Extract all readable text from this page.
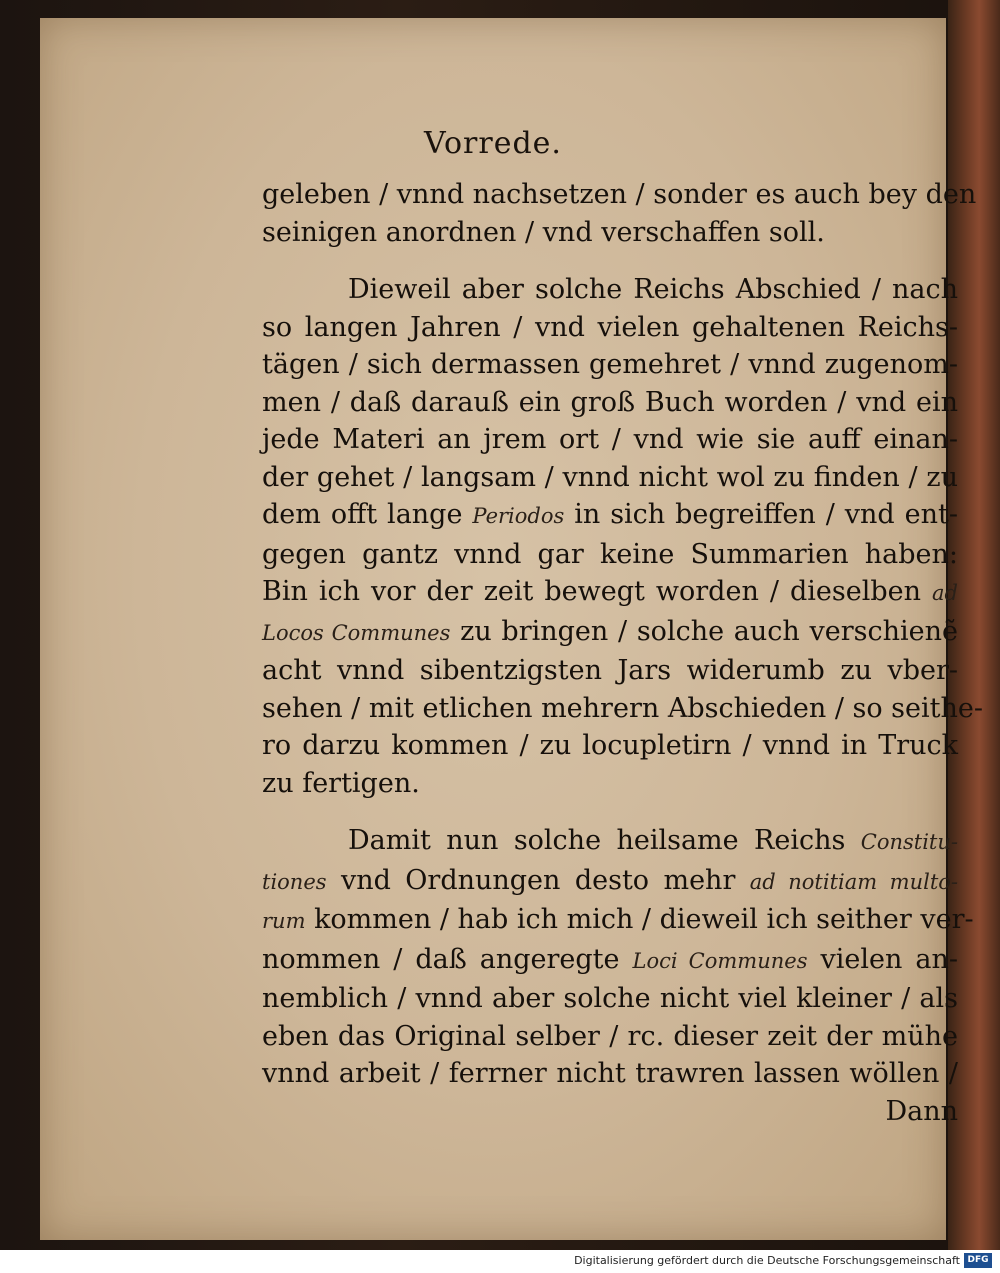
Vorrede.
geleben / vnnd nachsetzen / sonder es auch bey den
seinigen anordnen / vnd verschaffen soll.
Dieweil aber solche Reichs Abschied / nach
so langen Jahren / vnd vielen gehaltenen Reichs-
tägen / sich dermassen gemehret / vnnd zugenom-
men / daß darauß ein groß Buch worden / vnd ein
jede Materi an jrem ort / vnd wie sie auff einan-
der gehet / langsam / vnnd nicht wol zu finden / zu
dem offt lange Periodos in sich begreiffen / vnd ent-
gegen gantz vnnd gar keine Summarien haben:
Bin ich vor der zeit bewegt worden / dieselben ad
Locos Communes zu bringen / solche auch verschienẽ
acht vnnd sibentzigsten Jars widerumb zu vber-
sehen / mit etlichen mehrern Abschieden / so seithe-
ro darzu kommen / zu locupletirn / vnnd in Truck
zu fertigen.
Damit nun solche heilsame Reichs Constitu-
tiones vnd Ordnungen desto mehr ad notitiam multo-
rum kommen / hab ich mich / dieweil ich seither ver-
nommen / daß angeregte Loci Communes vielen an-
nemblich / vnnd aber solche nicht viel kleiner / als
eben das Original selber / rc. dieser zeit der mühe
vnnd arbeit / ferrner nicht trawren lassen wöllen /
Dann
Digitalisierung gefördert durch die Deutsche Forschungsgemeinschaft DFG
